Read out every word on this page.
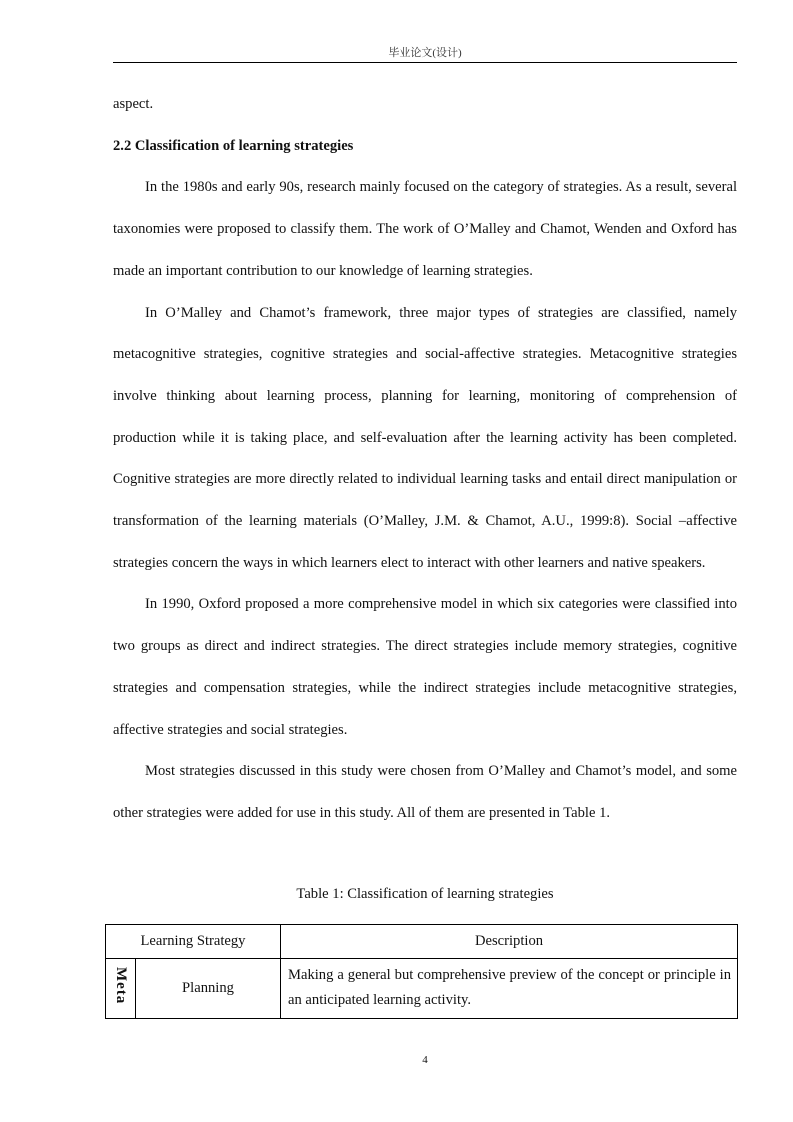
毕业论文(设计)

aspect.

2.2 Classification of learning strategies

In the 1980s and early 90s, research mainly focused on the category of strategies. As a result, several taxonomies were proposed to classify them. The work of O’Malley and Chamot, Wenden and Oxford has made an important contribution to our knowledge of learning strategies.

In O’Malley and Chamot’s framework, three major types of strategies are classified, namely metacognitive strategies, cognitive strategies and social-affective strategies. Metacognitive strategies involve thinking about learning process, planning for learning, monitoring of comprehension of production while it is taking place, and self-evaluation after the learning activity has been completed. Cognitive strategies are more directly related to individual learning tasks and entail direct manipulation or transformation of the learning materials (O’Malley, J.M. & Chamot, A.U., 1999:8). Social –affective strategies concern the ways in which learners elect to interact with other learners and native speakers.

In 1990, Oxford proposed a more comprehensive model in which six categories were classified into two groups as direct and indirect strategies. The direct strategies include memory strategies, cognitive strategies and compensation strategies, while the indirect strategies include metacognitive strategies, affective strategies and social strategies.

Most strategies discussed in this study were chosen from O’Malley and Chamot’s model, and some other strategies were added for use in this study. All of them are presented in Table 1.

Table 1: Classification of learning strategies
Learning Strategy		Description
Meta	Planning	Making a general but comprehensive preview of the concept or principle in an anticipated learning activity.
4
